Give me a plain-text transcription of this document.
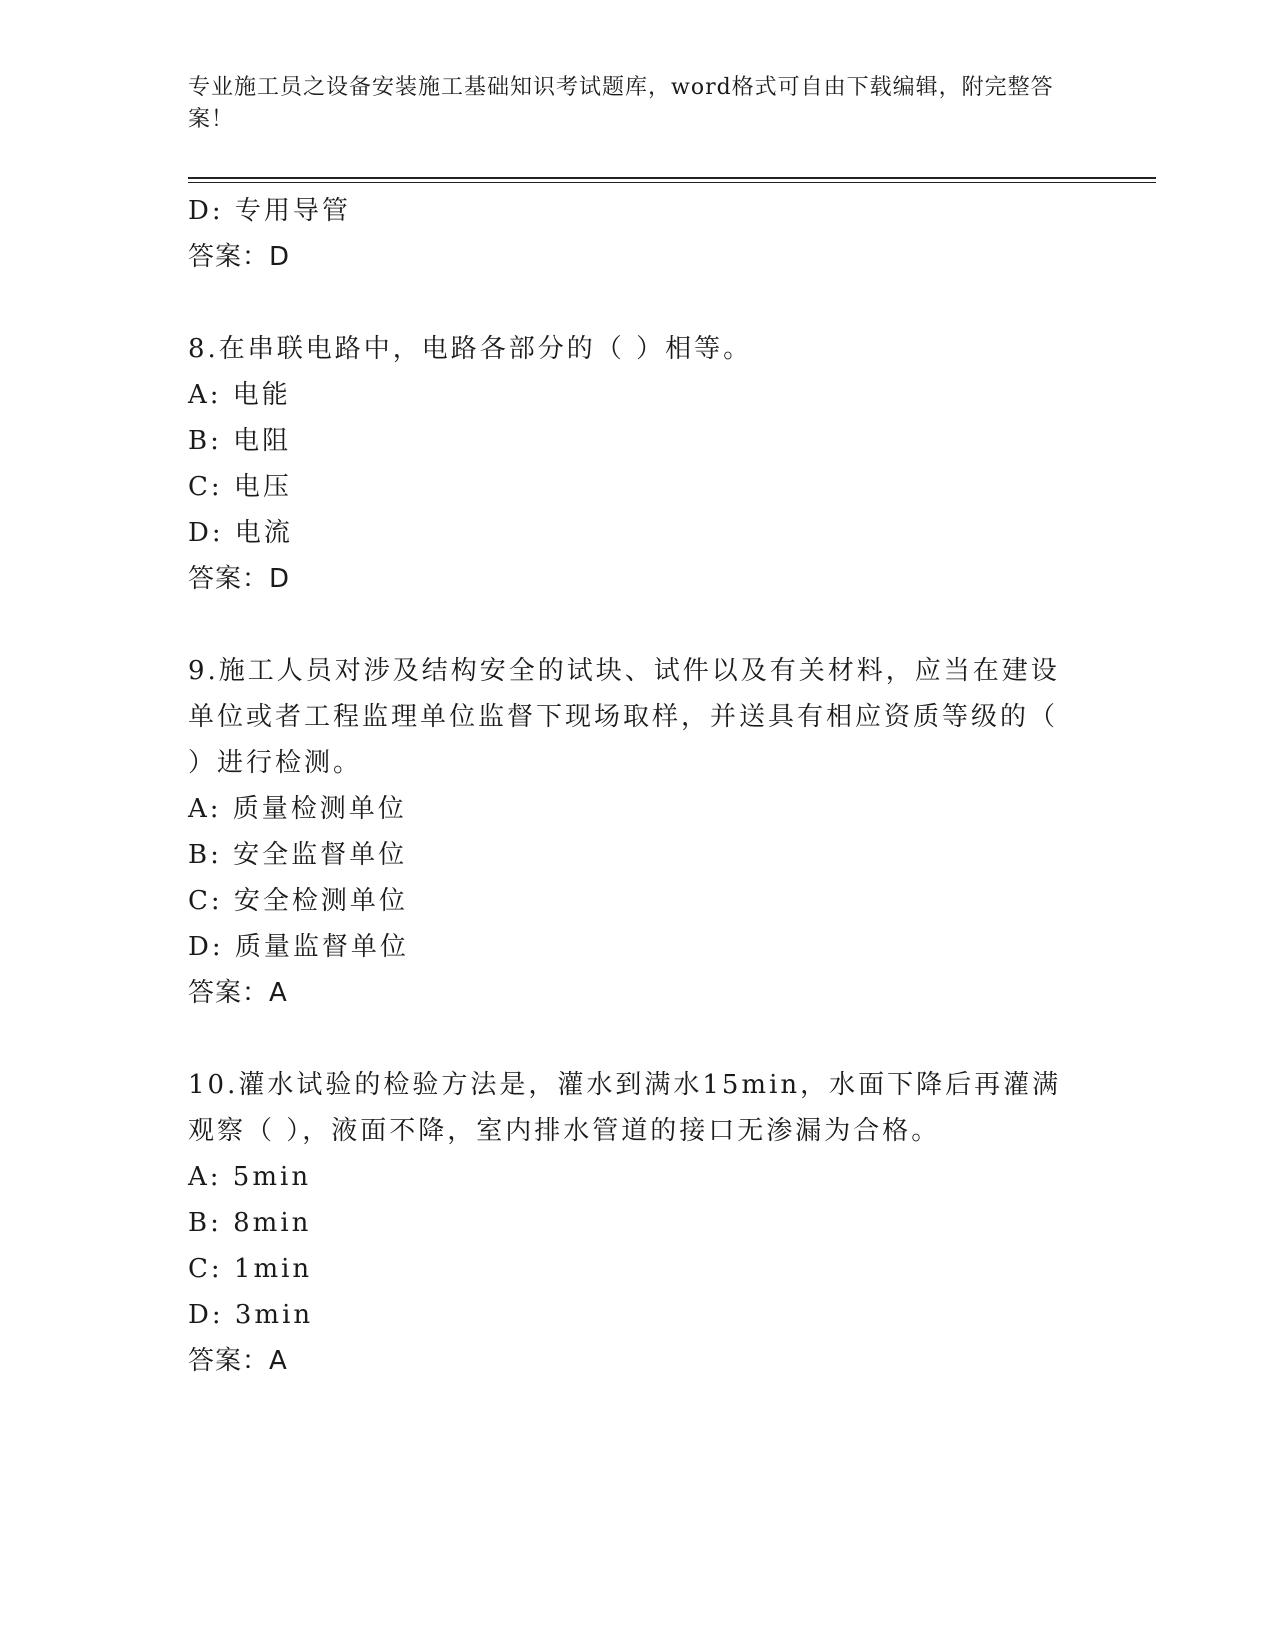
专业施工员之设备安装施工基础知识考试题库，word格式可自由下载编辑，附完整答案！
D: 专用导管
答案：D
8.在串联电路中，电路各部分的（ ）相等。
A: 电能
B: 电阻
C: 电压
D: 电流
答案：D
9.施工人员对涉及结构安全的试块、试件以及有关材料，应当在建设单位或者工程监理单位监督下现场取样，并送具有相应资质等级的（ ）进行检测。
A: 质量检测单位
B: 安全监督单位
C: 安全检测单位
D: 质量监督单位
答案：A
10.灌水试验的检验方法是，灌水到满水15min，水面下降后再灌满观察（ ），液面不降，室内排水管道的接口无渗漏为合格。
A: 5min
B: 8min
C: 1min
D: 3min
答案：A
